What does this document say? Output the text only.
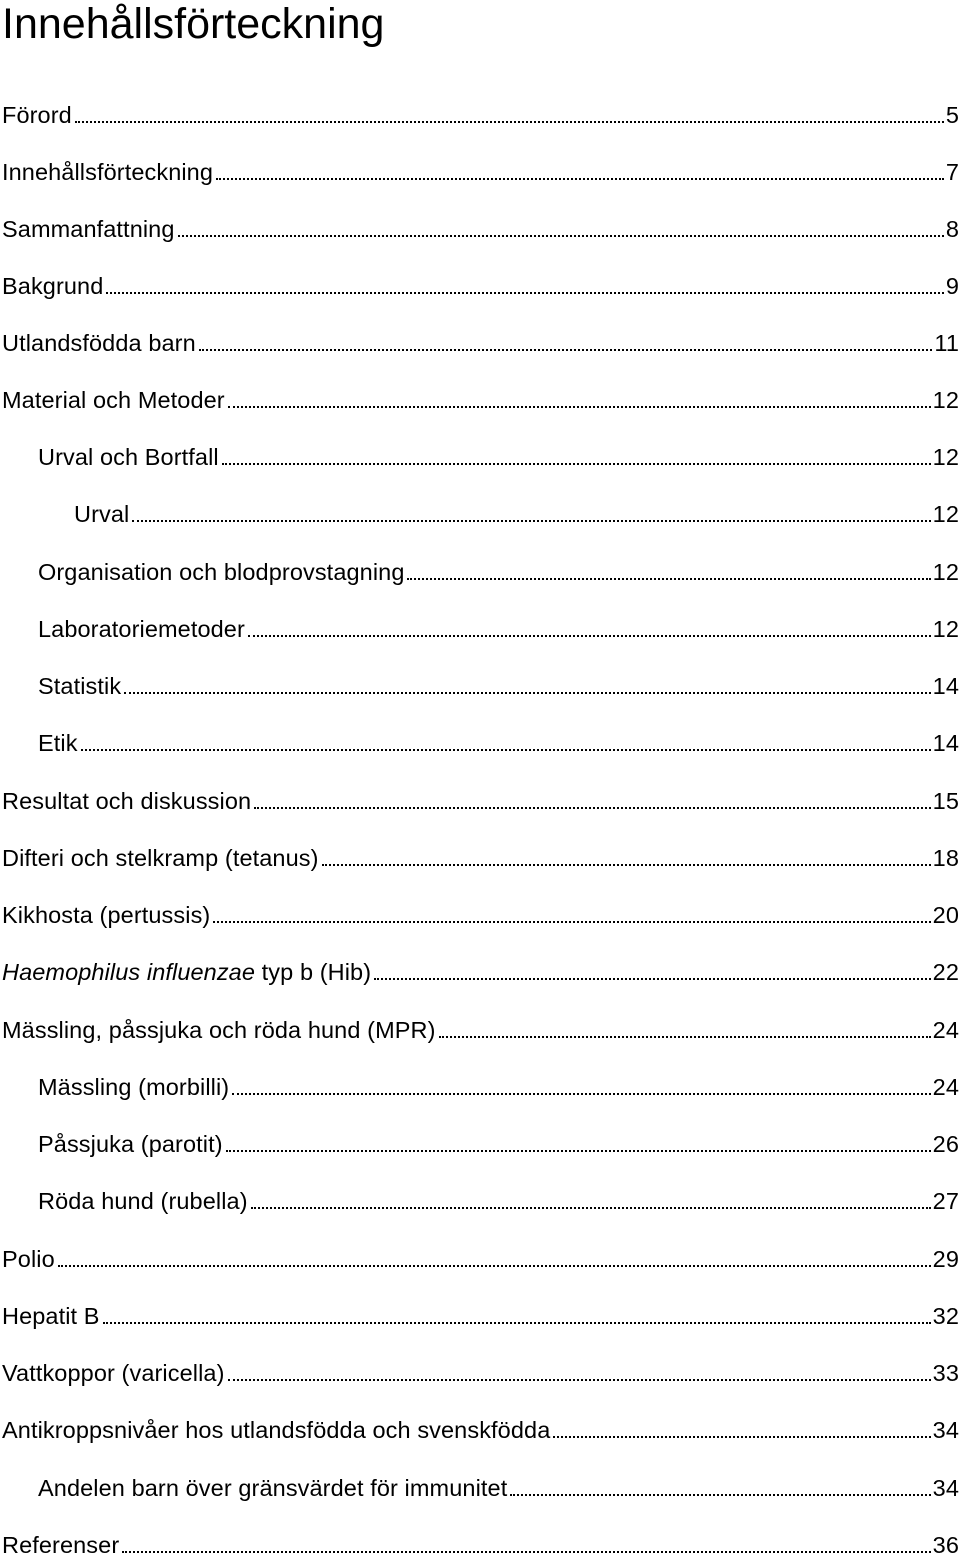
Innehållsförteckning
Förord	5
Innehållsförteckning	7
Sammanfattning	8
Bakgrund	9
Utlandsfödda barn	11
Material och Metoder	12
Urval och Bortfall	12
Urval	12
Organisation och blodprovstagning	12
Laboratoriemetoder	12
Statistik	14
Etik	14
Resultat och diskussion	15
Difteri och stelkramp (tetanus)	18
Kikhosta (pertussis)	20
Haemophilus influenzae typ b (Hib)	22
Mässling, påssjuka och röda hund (MPR)	24
Mässling (morbilli)	24
Påssjuka (parotit)	26
Röda hund (rubella)	27
Polio	29
Hepatit B	32
Vattkoppor (varicella)	33
Antikroppsnivåer hos utlandsfödda och svenskfödda	34
Andelen barn över gränsvärdet för immunitet	34
Referenser	36
